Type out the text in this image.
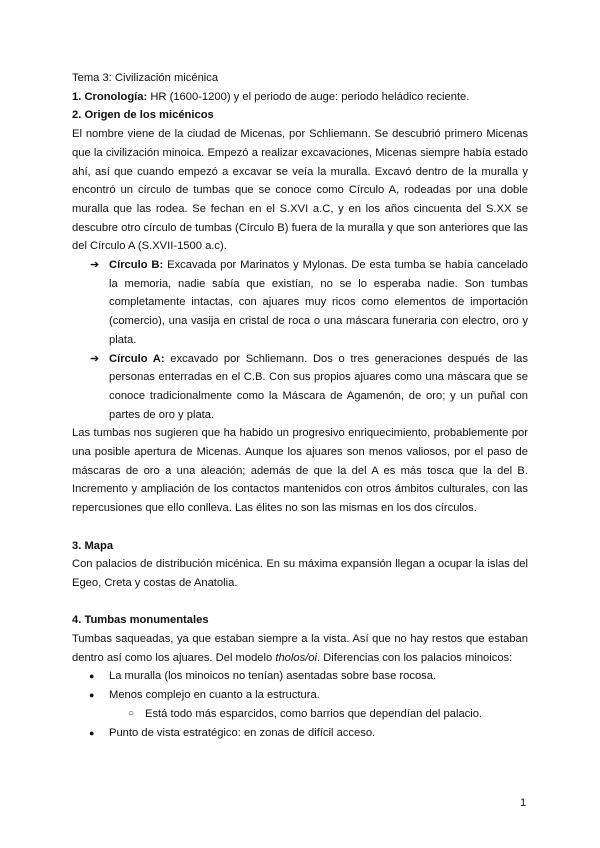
Tema 3: Civilización micénica

1. Cronología: HR (1600-1200) y el periodo de auge: periodo heládico reciente.

2. Origen de los micénicos

El nombre viene de la ciudad de Micenas, por Schliemann. Se descubrió primero Micenas que la civilización minoica. Empezó a realizar excavaciones, Micenas siempre había estado ahí, así que cuando empezó a excavar se veía la muralla. Excavó dentro de la muralla y encontró un círculo de tumbas que se conoce como Círculo A, rodeadas por una doble muralla que las rodea. Se fechan en el S.XVI a.C, y en los años cincuenta del S.XX se descubre otro círculo de tumbas (Círculo B) fuera de la muralla y que son anteriores que las del Círculo A (S.XVII-1500 a.c).

➔ Círculo B: Excavada por Marinatos y Mylonas. De esta tumba se había cancelado la memoria, nadie sabía que existían, no se lo esperaba nadie. Son tumbas completamente intactas, con ajuares muy ricos como elementos de importación (comercio), una vasija en cristal de roca o una máscara funeraria con electro, oro y plata.
➔ Círculo A: excavado por Schliemann. Dos o tres generaciones después de las personas enterradas en el C.B. Con sus propios ajuares como una máscara que se conoce tradicionalmente como la Máscara de Agamenón, de oro; y un puñal con partes de oro y plata.

Las tumbas nos sugieren que ha habido un progresivo enriquecimiento, probablemente por una posible apertura de Micenas. Aunque los ajuares son menos valiosos, por el paso de máscaras de oro a una aleación; además de que la del A es más tosca que la del B. Incremento y ampliación de los contactos mantenidos con otros ámbitos culturales, con las repercusiones que ello conlleva. Las élites no son las mismas en los dos círculos.

3. Mapa

Con palacios de distribución micénica. En su máxima expansión llegan a ocupar la islas del Egeo, Creta y costas de Anatolia.

4. Tumbas monumentales

Tumbas saqueadas, ya que estaban siempre a la vista. Así que no hay restos que estaban dentro así como los ajuares. Del modelo tholos/oi. Diferencias con los palacios minoicos:

● La muralla (los minoicos no tenían) asentadas sobre base rocosa.
● Menos complejo en cuanto a la estructura.
○ Está todo más esparcidos, como barrios que dependían del palacio.
● Punto de vista estratégico: en zonas de difícil acceso.
1
